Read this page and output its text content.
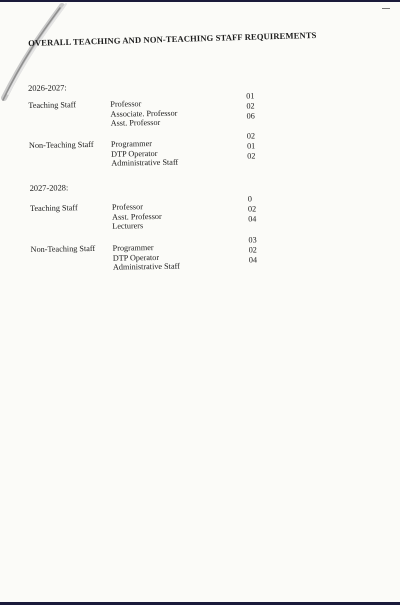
OVERALL TEACHING AND NON-TEACHING STAFF REQUIREMENTS
2026-2027:
Teaching Staff	Professor
Associate. Professor
Asst. Professor
01
02
06
Non-Teaching Staff Programmer
DTP Operator
Administrative Staff
02
01
02
2027-2028:
Teaching Staff	Professor
Asst. Professor
Lecturers
0
02
04
Non-Teaching Staff Programmer
DTP Operator
Administrative Staff
03
02
04
